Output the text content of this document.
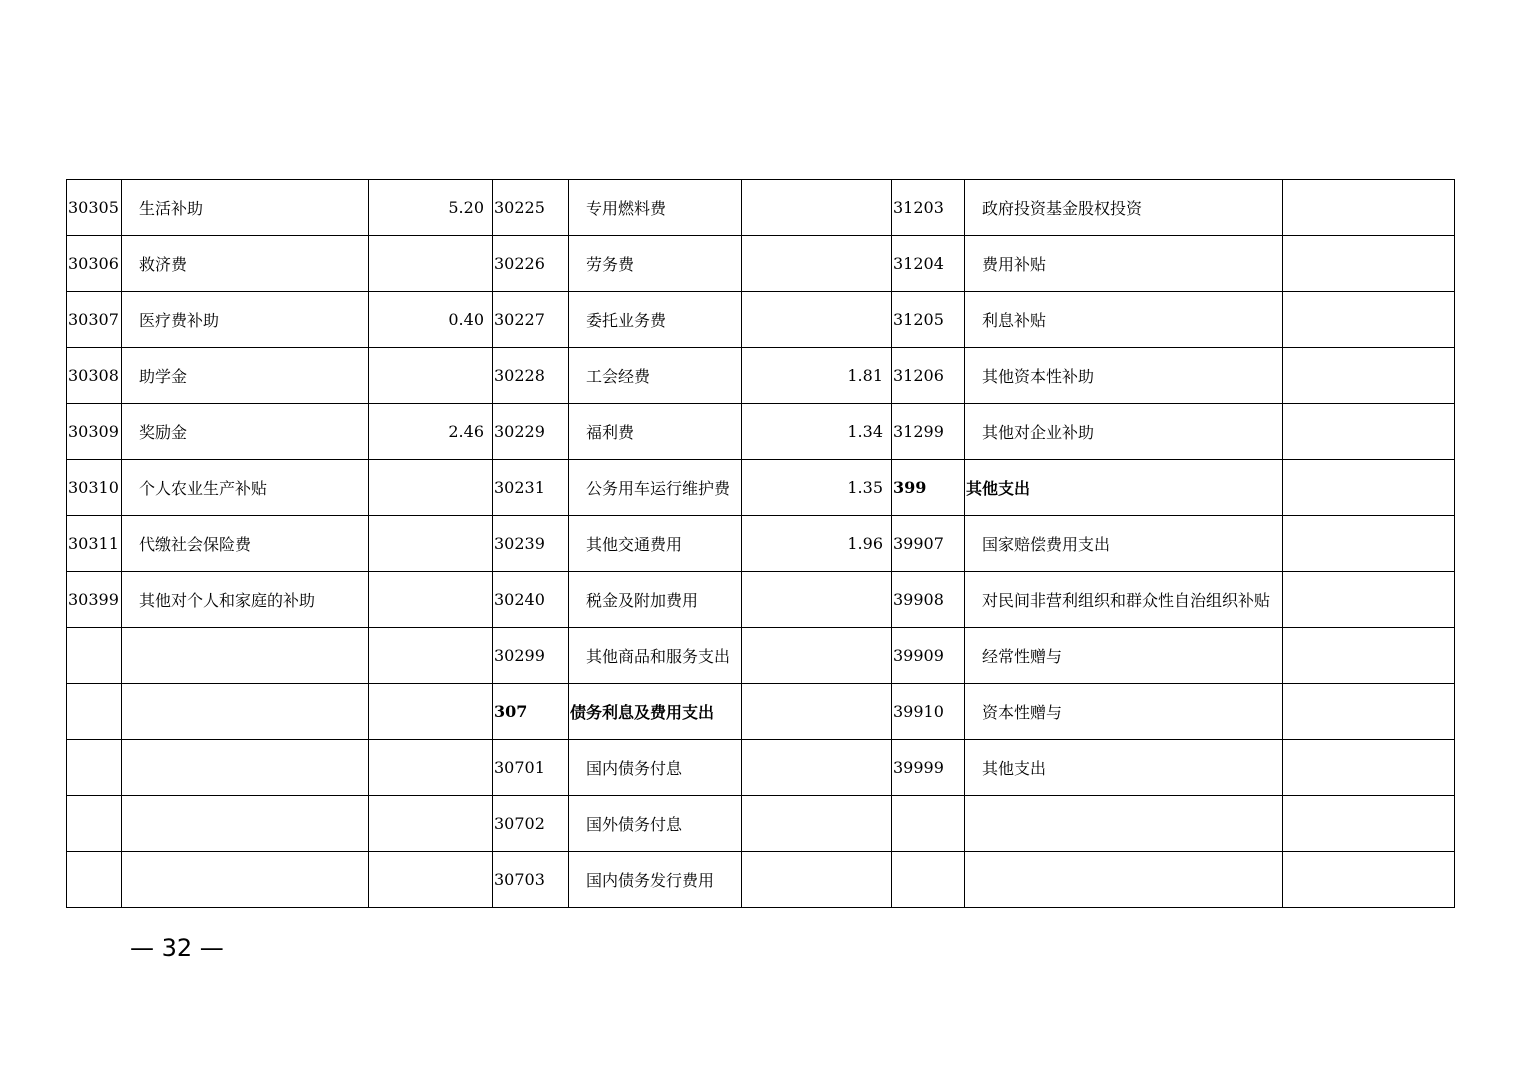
30305	生活补助	5.20	30225	专用燃料费		31203	政府投资基金股权投资	
30306	救济费		30226	劳务费		31204	费用补贴	
30307	医疗费补助	0.40	30227	委托业务费		31205	利息补贴	
30308	助学金		30228	工会经费	1.81	31206	其他资本性补助	
30309	奖励金	2.46	30229	福利费	1.34	31299	其他对企业补助	
30310	个人农业生产补贴		30231	公务用车运行维护费	1.35	399	其他支出	
30311	代缴社会保险费		30239	其他交通费用	1.96	39907	国家赔偿费用支出	
30399	其他对个人和家庭的补助		30240	税金及附加费用		39908	对民间非营利组织和群众性自治组织补贴	
			30299	其他商品和服务支出		39909	经常性赠与	
			307	债务利息及费用支出		39910	资本性赠与	
			30701	国内债务付息		39999	其他支出	
			30702	国外债务付息				
			30703	国内债务发行费用				
— 32 —
